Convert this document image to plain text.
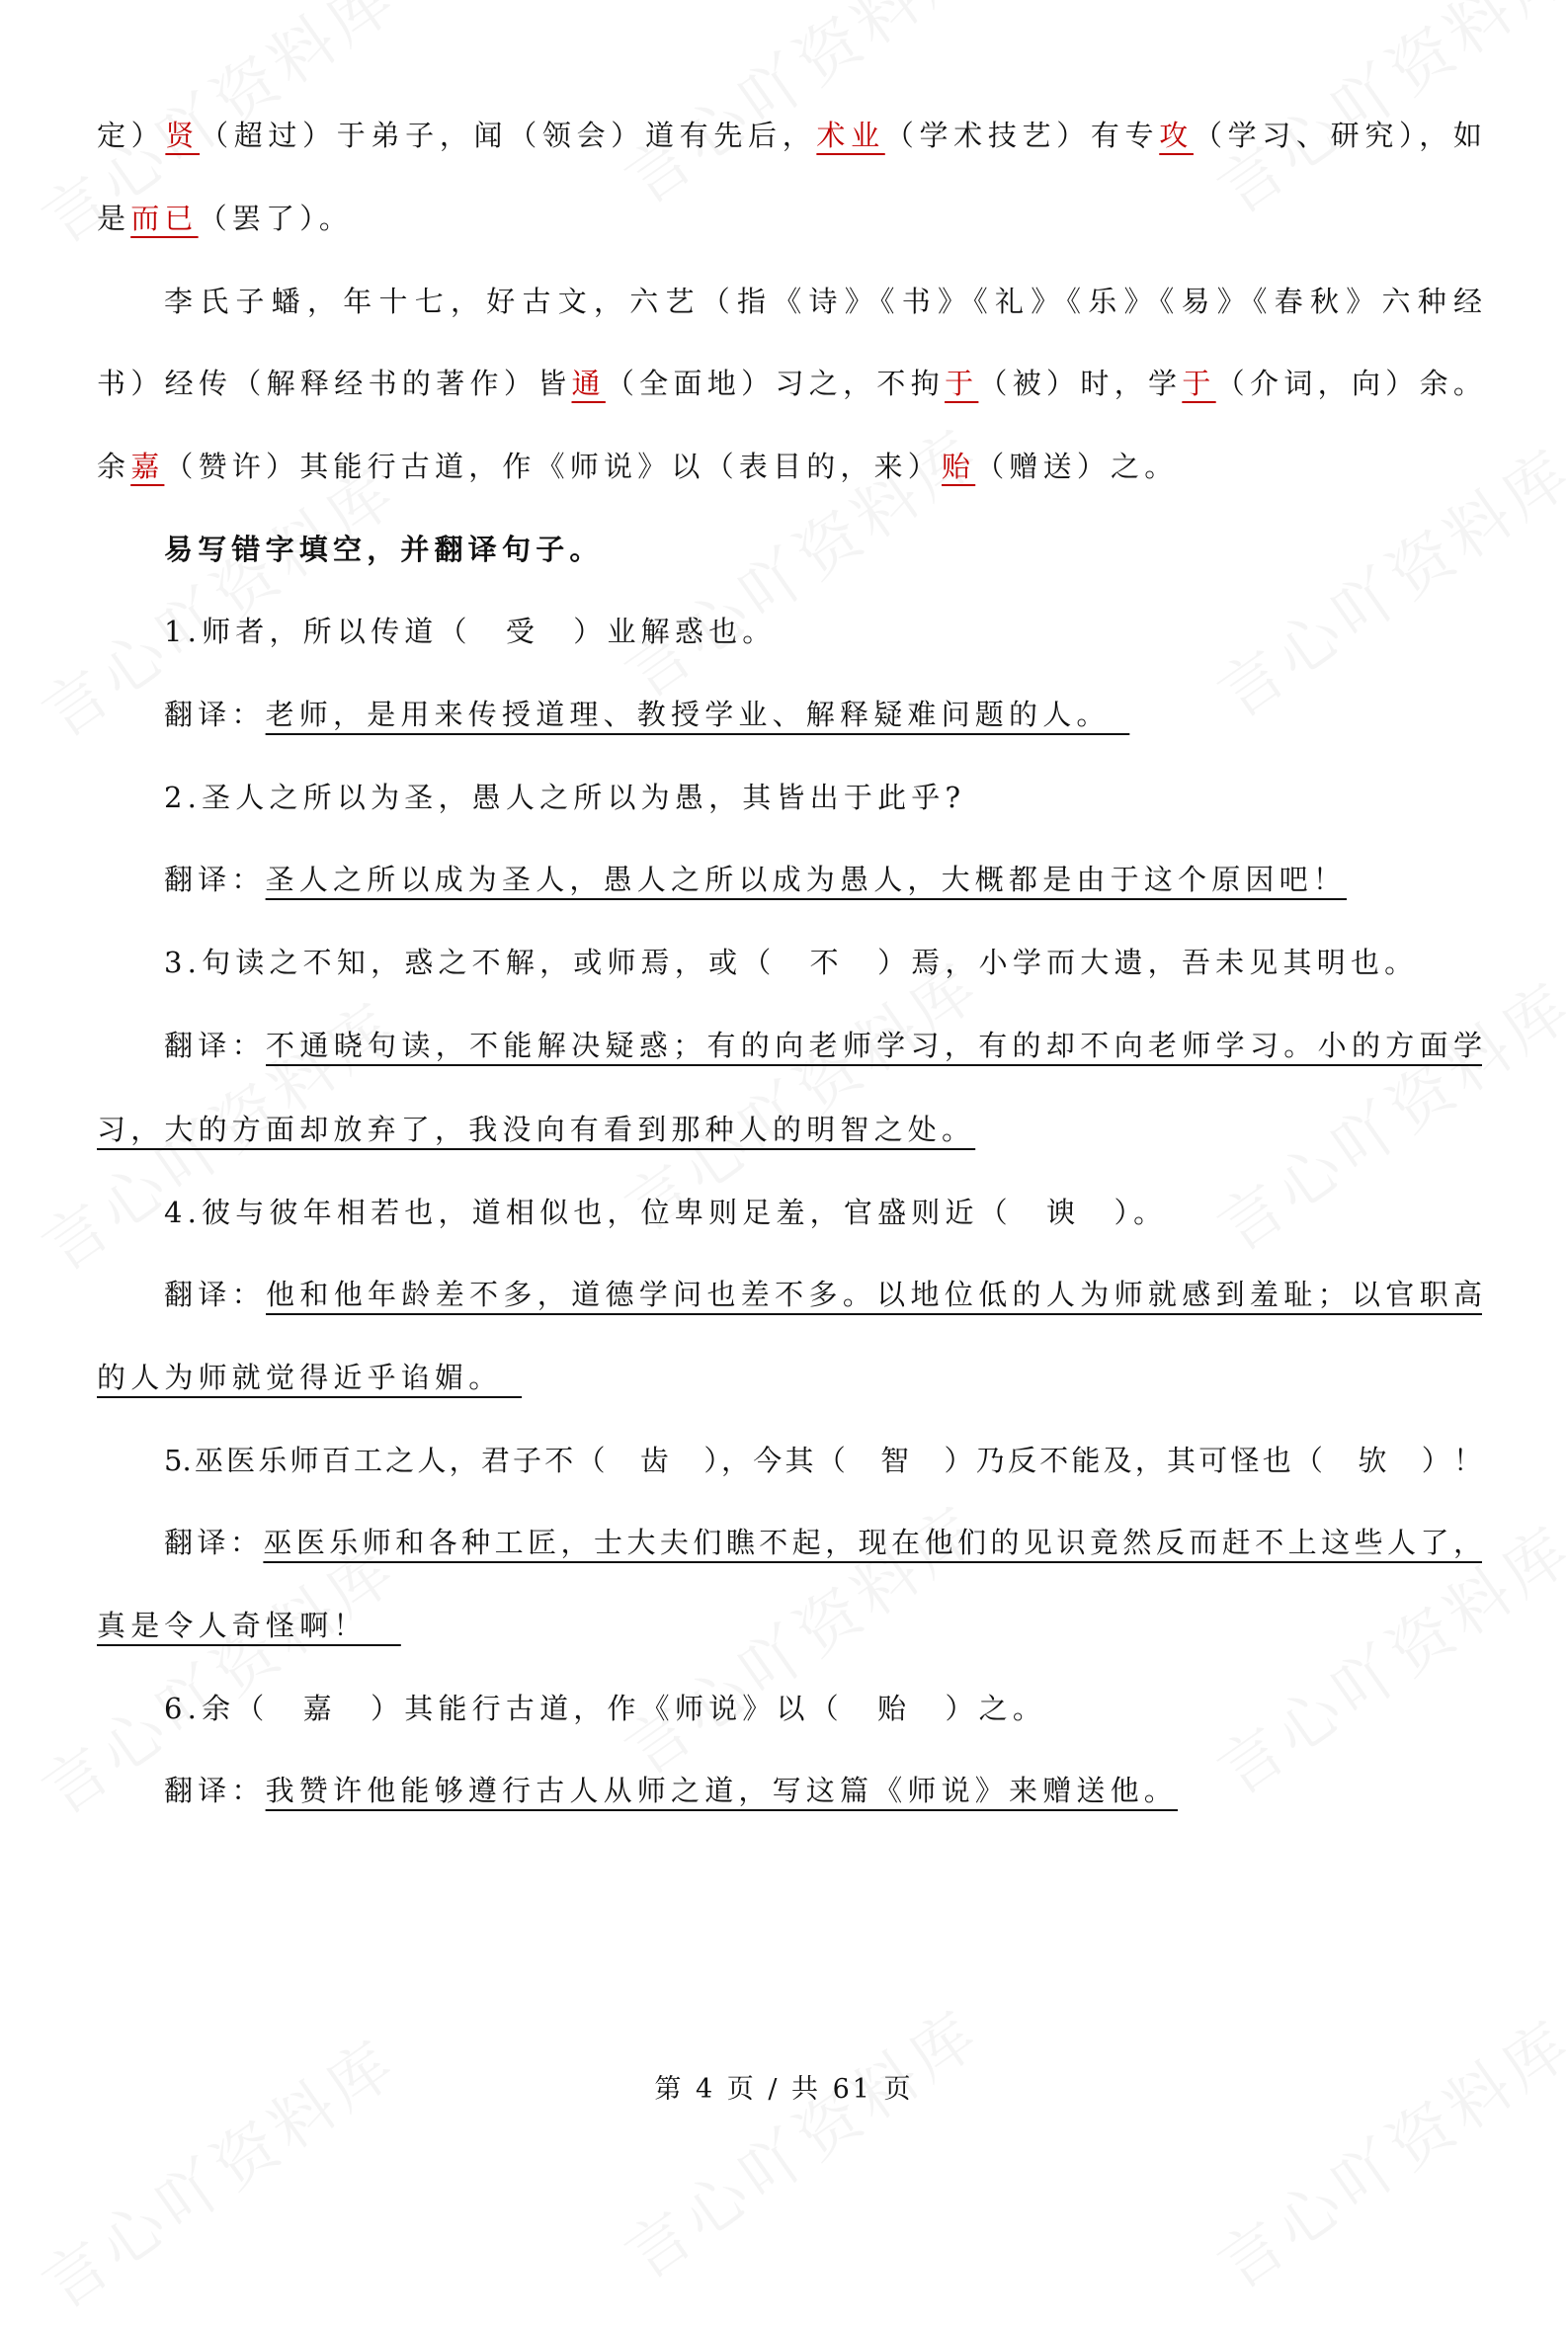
定）贤（超过）于弟子，闻（领会）道有先后，术业（学术技艺）有专攻（学习、研究），如
是而已（罢了）。
李氏子蟠，年十七，好古文，六艺（指《诗》《书》《礼》《乐》《易》《春秋》六种经
书）经传（解释经书的著作）皆通（全面地）习之，不拘于（被）时，学于（介词，向）余。
余嘉（赞许）其能行古道，作《师说》以（表目的，来）贻（赠送）之。
易写错字填空，并翻译句子。
1.师者，所以传道（　受　）业解惑也。
翻译：老师，是用来传授道理、教授学业、解释疑难问题的人。　
2.圣人之所以为圣，愚人之所以为愚，其皆出于此乎?
翻译：圣人之所以成为圣人，愚人之所以成为愚人，大概都是由于这个原因吧！
3.句读之不知，惑之不解，或师焉，或（　不　）焉，小学而大遗，吾未见其明也。
翻译：不通晓句读，不能解决疑惑；有的向老师学习，有的却不向老师学习。小的方面学
习，大的方面却放弃了，我没向有看到那种人的明智之处。
4.彼与彼年相若也，道相似也，位卑则足羞，官盛则近（　谀　）。
翻译：他和他年龄差不多，道德学问也差不多。以地位低的人为师就感到羞耻；以官职高
的人为师就觉得近乎谄媚。　
5.巫医乐师百工之人，君子不（　齿　），今其（　智　）乃反不能及，其可怪也（　欤　）！
翻译：巫医乐师和各种工匠，士大夫们瞧不起，现在他们的见识竟然反而赶不上这些人了，
真是令人奇怪啊！　
6.余（　嘉　）其能行古道，作《师说》以（　贻　）之。
翻译：我赞许他能够遵行古人从师之道，写这篇《师说》来赠送他。
第 4 页 / 共 61 页
